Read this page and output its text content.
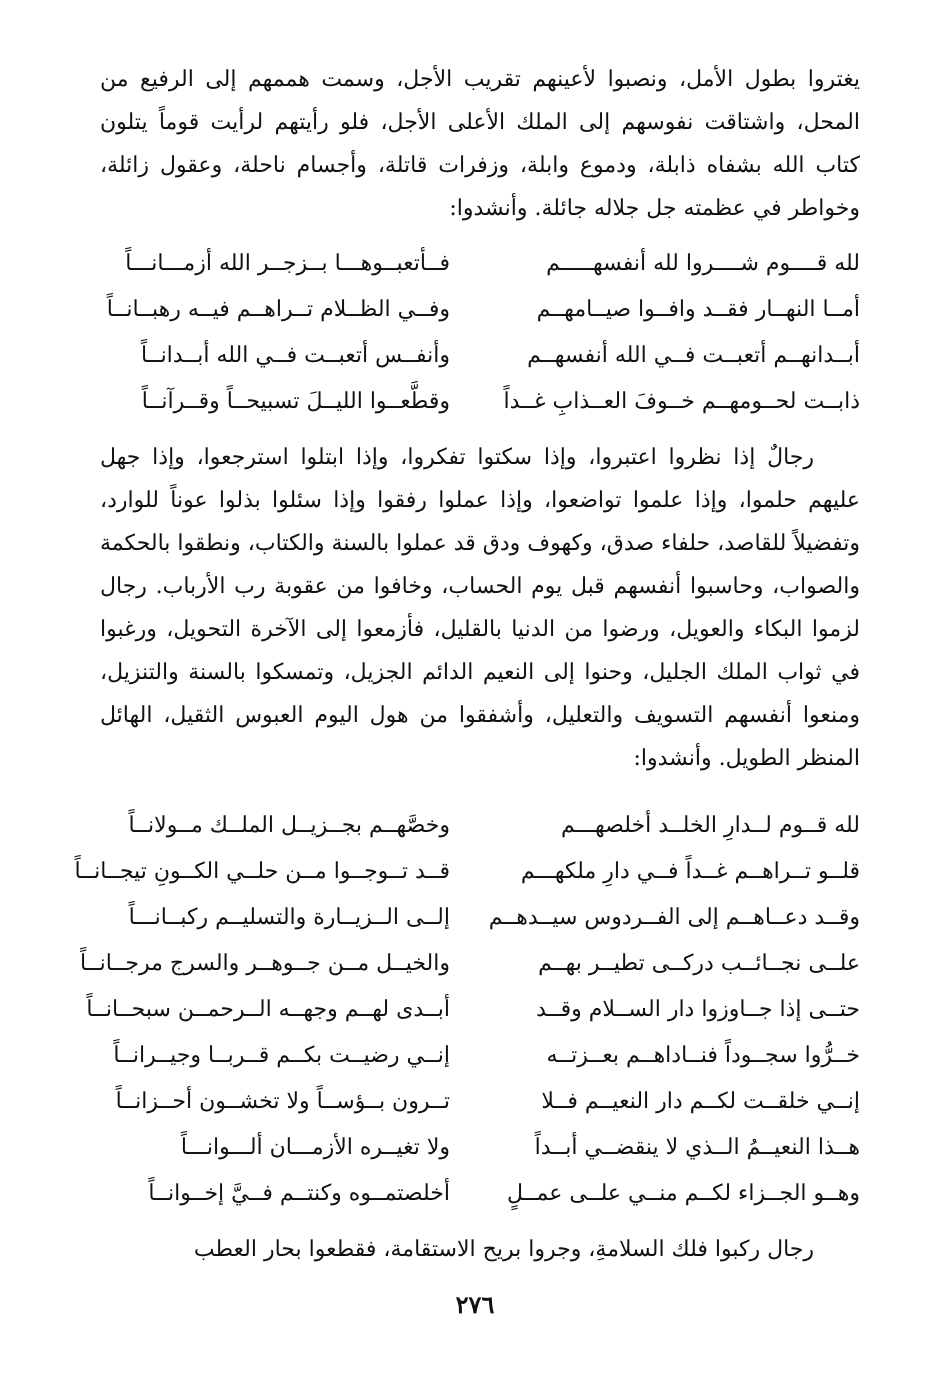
يغتروا بطول الأمل، ونصبوا لأعينهم تقريب الأجل، وسمت هممهم إلى الرفيع من المحل، واشتاقت نفوسهم إلى الملك الأعلى الأجل، فلو رأيتهم لرأيت قوماً يتلون كتاب الله بشفاه ذابلة، ودموع وابلة، وزفرات قاتلة، وأجسام ناحلة، وعقول زائلة، وخواطر في عظمته جل جلاله جائلة. وأنشدوا:

لله قــــوم شــــروا لله أنفسهـــــم
فــأتعبــوهـــا بــزجــر الله أزمـــانـــاً
أمــا النهــار فقــد وافــوا صيــامهــم
وفــي الظــلام تــراهــم فيــه رهبــانــاً
أبــدانهــم أتعبــت فــي الله أنفسهــم
وأنفــس أتعبــت فــي الله أبــدانــاً
ذابــت لحــومهــم خــوفَ العــذابِ غــداً
وقطَّعــوا الليــلَ تسبيحــاً وقــرآنــاً

رجالٌ إذا نظروا اعتبروا، وإذا سكتوا تفكروا، وإذا ابتلوا استرجعوا، وإذا جهل عليهم حلموا، وإذا علموا تواضعوا، وإذا عملوا رفقوا وإذا سئلوا بذلوا عوناً للوارد، وتفضيلاً للقاصد، حلفاء صدق، وكهوف ودق قد عملوا بالسنة والكتاب، ونطقوا بالحكمة والصواب، وحاسبوا أنفسهم قبل يوم الحساب، وخافوا من عقوبة رب الأرباب. رجال لزموا البكاء والعويل، ورضوا من الدنيا بالقليل، فأزمعوا إلى الآخرة التحويل، ورغبوا في ثواب الملك الجليل، وحنوا إلى النعيم الدائم الجزيل، وتمسكوا بالسنة والتنزيل، ومنعوا أنفسهم التسويف والتعليل، وأشفقوا من هول اليوم العبوس الثقيل، الهائل المنظر الطويل. وأنشدوا:

لله قــوم لــدارِ الخلــد أخلصهـــم
وخصَّهــم بجــزيــل الملــك مــولانــاً
قلــو تــراهــم غــداً فــي دارِ ملكهـــم
قــد تــوجــوا مــن حلــي الكــونِ تيجــانــاً
وقــد دعــاهــم إلى الفــردوس سيــدهــم
إلــى الــزيــارة والتسليــم ركبــانـــاً
علــى نجــائــب دركــى تطيــر بهــم
والخيــل مــن جــوهــر والسرج مرجــانــاً
حتــى إذا جــاوزوا دار الســلام وقــد
أبــدى لهــم وجهــه الــرحمــن سبحــانــاً
خــرُّوا سجــوداً فنــاداهــم بعــزتــه
إنــي رضيــت بكــم قــربــا وجيــرانــاً
إنــي خلقــت لكــم دار النعيــم فــلا
تــرون بــؤســاً ولا تخشــون أحــزانــاً
هــذا النعيــمُ الــذي لا ينقضــي أبــداً
ولا تغيــره الأزمـــان ألـــوانـــاً
وهــو الجــزاء لكــم منــي علــى عمــلٍ
أخلصتمــوه وكنتــم فــيَّ إخــوانــاً

رجال ركبوا فلك السلامةِ، وجروا بريح الاستقامة، فقطعوا بحار العطب

٢٧٦
